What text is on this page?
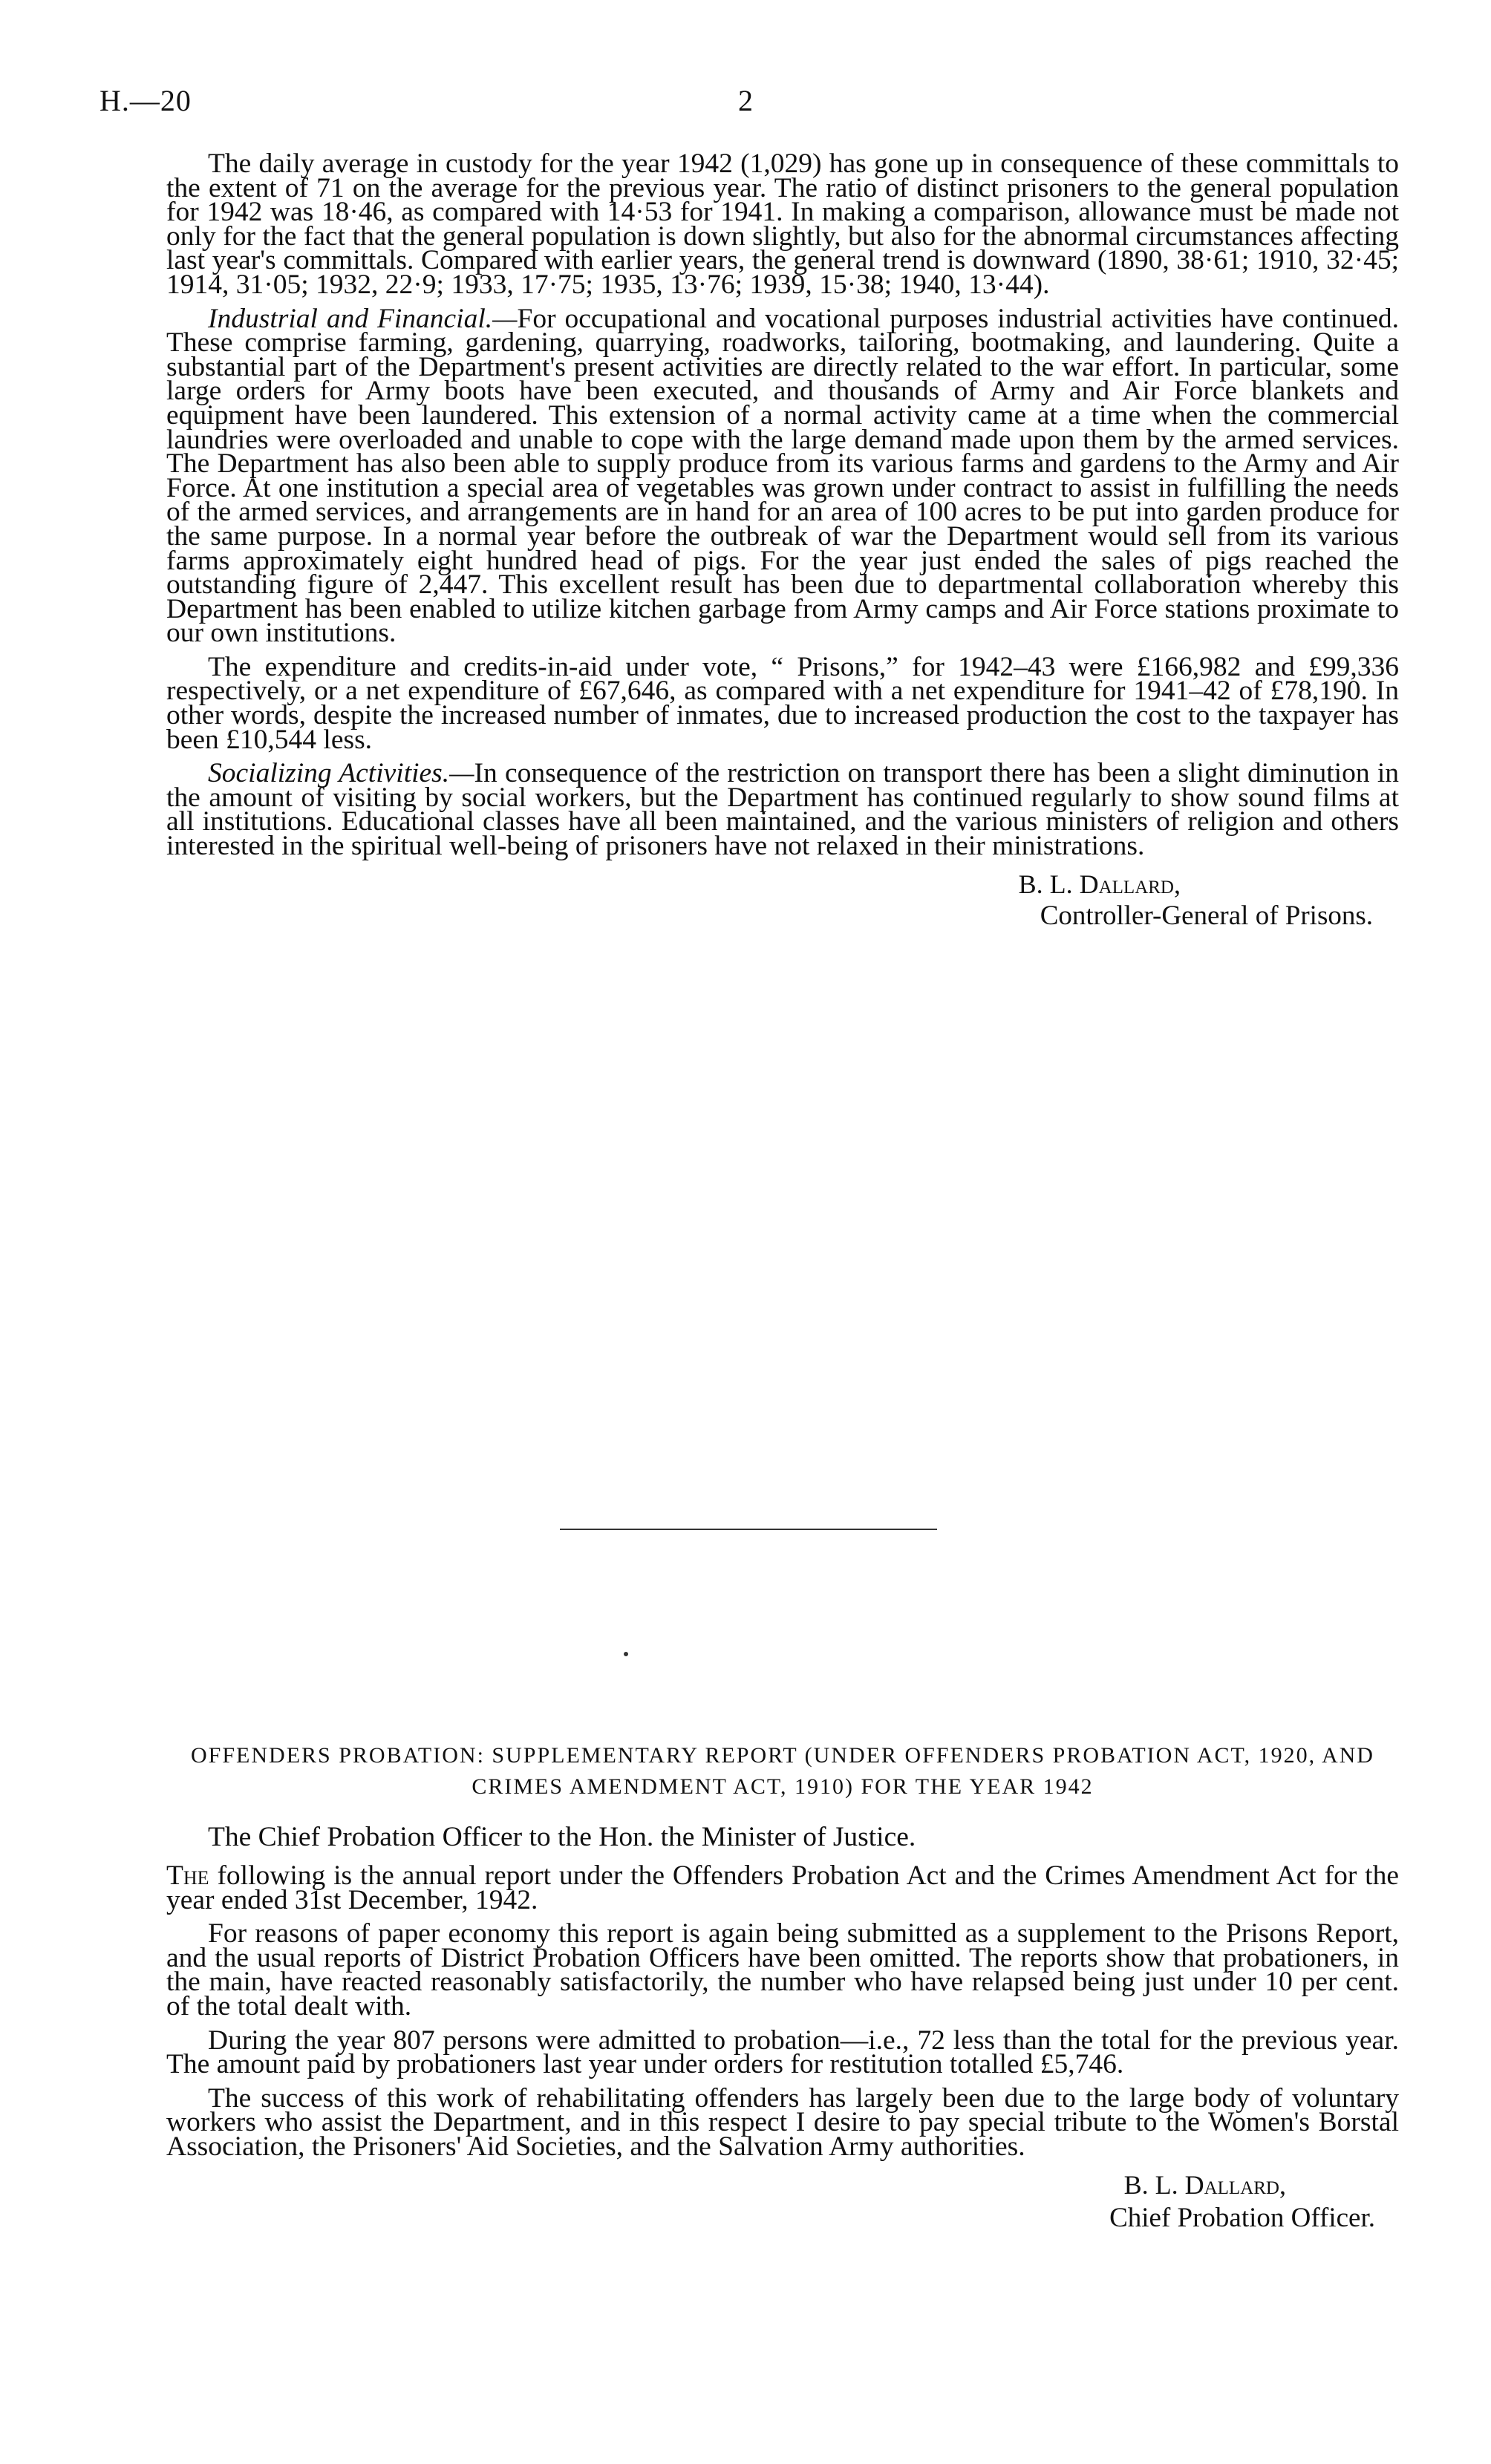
H.—20	2

The daily average in custody for the year 1942 (1,029) has gone up in consequence of these committals to the extent of 71 on the average for the previous year. The ratio of distinct prisoners to the general population for 1942 was 18·46, as compared with 14·53 for 1941. In making a comparison, allowance must be made not only for the fact that the general population is down slightly, but also for the abnormal circumstances affecting last year's committals. Compared with earlier years, the general trend is downward (1890, 38·61; 1910, 32·45; 1914, 31·05; 1932, 22·9; 1933, 17·75; 1935, 13·76; 1939, 15·38; 1940, 13·44).

Industrial and Financial.—For occupational and vocational purposes industrial activities have continued. These comprise farming, gardening, quarrying, roadworks, tailoring, bootmaking, and laundering. Quite a substantial part of the Department's present activities are directly related to the war effort. In particular, some large orders for Army boots have been executed, and thousands of Army and Air Force blankets and equipment have been laundered. This extension of a normal activity came at a time when the commercial laundries were overloaded and unable to cope with the large demand made upon them by the armed services. The Department has also been able to supply produce from its various farms and gardens to the Army and Air Force. At one institution a special area of vegetables was grown under contract to assist in fulfilling the needs of the armed services, and arrangements are in hand for an area of 100 acres to be put into garden produce for the same purpose. In a normal year before the outbreak of war the Department would sell from its various farms approximately eight hundred head of pigs. For the year just ended the sales of pigs reached the outstanding figure of 2,447. This excellent result has been due to departmental collaboration whereby this Department has been enabled to utilize kitchen garbage from Army camps and Air Force stations proximate to our own institutions.

The expenditure and credits-in-aid under vote, “ Prisons,” for 1942–43 were £166,982 and £99,336 respectively, or a net expenditure of £67,646, as compared with a net expenditure for 1941–42 of £78,190. In other words, despite the increased number of inmates, due to increased production the cost to the taxpayer has been £10,544 less.

Socializing Activities.—In consequence of the restriction on transport there has been a slight diminution in the amount of visiting by social workers, but the Department has continued regularly to show sound films at all institutions. Educational classes have all been maintained, and the various ministers of religion and others interested in the spiritual well-being of prisoners have not relaxed in their ministrations.

B. L. Dallard,
Controller-General of Prisons.
OFFENDERS PROBATION: SUPPLEMENTARY REPORT (UNDER OFFENDERS PROBATION ACT, 1920, AND CRIMES AMENDMENT ACT, 1910) FOR THE YEAR 1942

The Chief Probation Officer to the Hon. the Minister of Justice.

The following is the annual report under the Offenders Probation Act and the Crimes Amendment Act for the year ended 31st December, 1942.

For reasons of paper economy this report is again being submitted as a supplement to the Prisons Report, and the usual reports of District Probation Officers have been omitted. The reports show that probationers, in the main, have reacted reasonably satisfactorily, the number who have relapsed being just under 10 per cent. of the total dealt with.

During the year 807 persons were admitted to probation—i.e., 72 less than the total for the previous year. The amount paid by probationers last year under orders for restitution totalled £5,746.

The success of this work of rehabilitating offenders has largely been due to the large body of voluntary workers who assist the Department, and in this respect I desire to pay special tribute to the Women's Borstal Association, the Prisoners' Aid Societies, and the Salvation Army authorities.

B. L. Dallard,
Chief Probation Officer.
